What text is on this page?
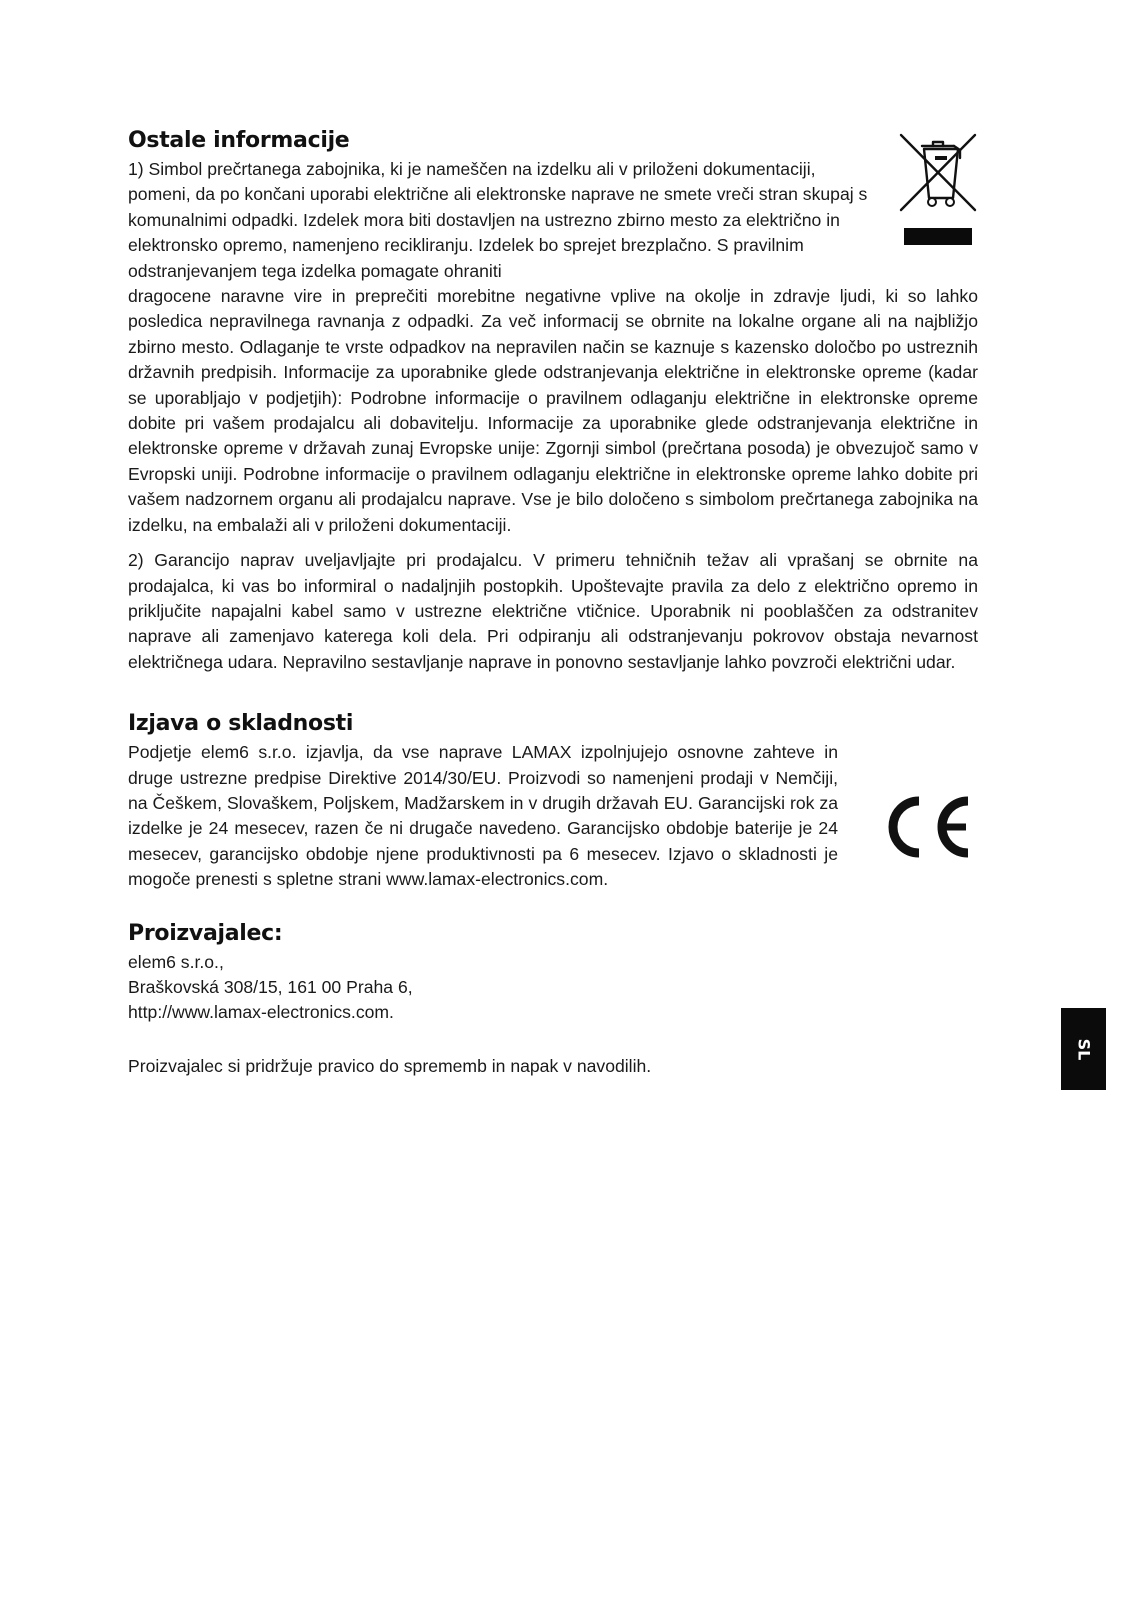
Ostale informacije

1) Simbol prečrtanega zabojnika, ki je nameščen na izdelku ali v priloženi dokumentaciji, pomeni, da po končani uporabi električne ali elektronske naprave ne smete vreči stran skupaj s komunalnimi odpadki. Izdelek mora biti dostavljen na ustrezno zbirno mesto za električno in elektronsko opremo, namenjeno recikliranju. Izdelek bo sprejet brezplačno. S pravilnim odstranjevanjem tega izdelka pomagate ohraniti

dragocene naravne vire in preprečiti morebitne negativne vplive na okolje in zdravje ljudi, ki so lahko posledica nepravilnega ravnanja z odpadki. Za več informacij se obrnite na lokalne organe ali na najbližjo zbirno mesto. Odlaganje te vrste odpadkov na nepravilen način se kaznuje s kazensko določbo po ustreznih državnih predpisih. Informacije za uporabnike glede odstranjevanja električne in elektronske opreme (kadar se uporabljajo v podjetjih): Podrobne informacije o pravilnem odlaganju električne in elektronske opreme dobite pri vašem prodajalcu ali dobavitelju. Informacije za uporabnike glede odstranjevanja električne in elektronske opreme v državah zunaj Evropske unije: Zgornji simbol (prečrtana posoda) je obvezujoč samo v Evropski uniji. Podrobne informacije o pravilnem odlaganju električne in elektronske opreme lahko dobite pri vašem nadzornem organu ali prodajalcu naprave. Vse je bilo določeno s simbolom prečrtanega zabojnika na izdelku, na embalaži ali v priloženi dokumentaciji.

2) Garancijo naprav uveljavljajte pri prodajalcu. V primeru tehničnih težav ali vprašanj se obrnite na prodajalca, ki vas bo informiral o nadaljnjih postopkih. Upoštevajte pravila za delo z električno opremo in priključite napajalni kabel samo v ustrezne električne vtičnice. Uporabnik ni pooblaščen za odstranitev naprave ali zamenjavo katerega koli dela. Pri odpiranju ali odstranjevanju pokrovov obstaja nevarnost električnega udara. Nepravilno sestavljanje naprave in ponovno sestavljanje lahko povzroči električni udar.

Izjava o skladnosti

Podjetje elem6 s.r.o. izjavlja, da vse naprave LAMAX izpolnjujejo osnovne zahteve in druge ustrezne predpise Direktive 2014/30/EU. Proizvodi so namenjeni prodaji v Nemčiji, na Češkem, Slovaškem, Poljskem, Madžarskem in v drugih državah EU. Garancijski rok za izdelke je 24 mesecev, razen če ni drugače navedeno. Garancijsko obdobje baterije je 24 mesecev, garancijsko obdobje njene produktivnosti pa 6 mesecev. Izjavo o skladnosti je mogoče prenesti s spletne strani www.lamax-electronics.com.

Proizvajalec:

elem6 s.r.o.,

Braškovská 308/15, 161 00 Praha 6,

http://www.lamax-electronics.com.

Proizvajalec si pridržuje pravico do sprememb in napak v navodilih.

SL
